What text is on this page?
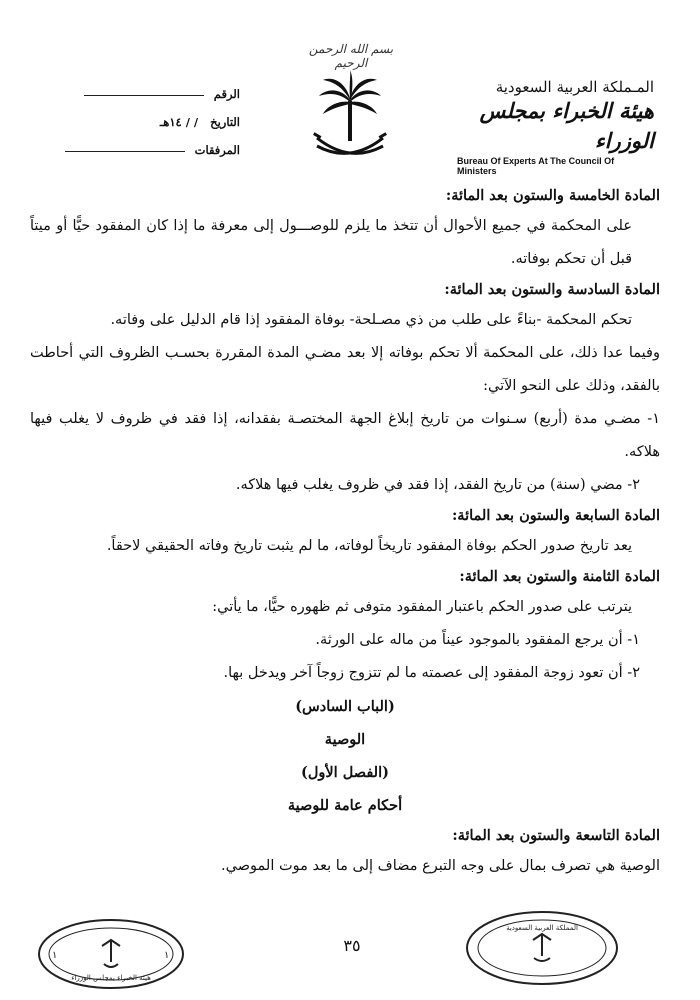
بسم الله الرحمن الرحيم
الرقم
التاريخ / / ١٤هـ
المرفقات
المـملكة العربية السعودية
هيئة الخبراء بمجلس الوزراء
Bureau Of Experts At The Council Of Ministers

المادة الخامسة والستون بعد المائة:

على المحكمة في جميع الأحوال أن تتخذ ما يلزم للوصـــول إلى معرفة ما إذا كان المفقود حيًّا أو ميتاً قبل أن تحكم بوفاته.

المادة السادسة والستون بعد المائة:

تحكم المحكمة -بناءً على طلب من ذي مصـلحة- بوفاة المفقود إذا قام الدليل على وفاته.

وفيما عدا ذلك، على المحكمة ألا تحكم بوفاته إلا بعد مضـي المدة المقررة بحسـب الظروف التي أحاطت بالفقد، وذلك على النحو الآتي:

١- مضـي مدة (أربع) سـنوات من تاريخ إبلاغ الجهة المختصـة بفقدانه، إذا فقد في ظروف لا يغلب فيها هلاكه.

٢- مضي (سنة) من تاريخ الفقد، إذا فقد في ظروف يغلب فيها هلاكه.

المادة السابعة والستون بعد المائة:

يعد تاريخ صدور الحكم بوفاة المفقود تاريخاً لوفاته، ما لم يثبت تاريخ وفاته الحقيقي لاحقاً.

المادة الثامنة والستون بعد المائة:

يترتب على صدور الحكم باعتبار المفقود متوفى ثم ظهوره حيًّا، ما يأتي:

١- أن يرجع المفقود بالموجود عيناً من ماله على الورثة.

٢- أن تعود زوجة المفقود إلى عصمته ما لم تتزوج زوجاً آخر ويدخل بها.

(الباب السادس)

الوصية

(الفصل الأول)

أحكام عامة للوصية

المادة التاسعة والستون بعد المائة:

الوصية هي تصرف بمال على وجه التبرع مضاف إلى ما بعد موت الموصي.

١	١
هيئة الخبراء بمجلس الوزراء
المملكة العربية السعودية
٣٥
